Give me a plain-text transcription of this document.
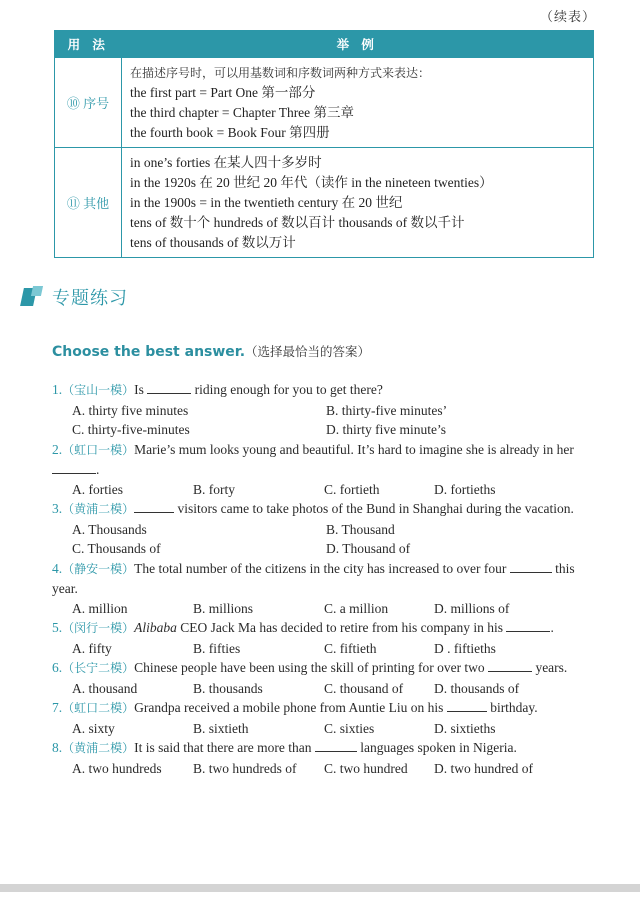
（续表）
用 法	举 例
⑩ 序号	在描述序号时，可以用基数词和序数词两种方式来表达：
the first part = Part One 第一部分
the third chapter = Chapter Three 第三章
the fourth book = Book Four 第四册

⑪ 其他	in one’s forties 在某人四十多岁时
in the 1920s 在 20 世纪 20 年代（读作 in the nineteen twenties）
in the 1900s = in the twentieth century 在 20 世纪
tens of 数十个 hundreds of 数以百计 thousands of 数以千计
tens of thousands of 数以万计
专题练习
Choose the best answer.（选择最恰当的答案）
1.（宝山一模）Is	riding enough for you to get there?
A. thirty five minutes	B. thirty-five minutes’
C. thirty-five-minutes	D. thirty five minute’s
2.（虹口一模）Marie’s mum looks young and beautiful. It’s hard to imagine she is already in her .
A. forties	B. forty	C. fortieth	D. fortieths
3.（黄浦二模）	visitors came to take photos of the Bund in Shanghai during the vacation.
A. Thousands	B. Thousand
C. Thousands of	D. Thousand of
4.（静安一模）The total number of the citizens in the city has increased to over four	this year.
A. million	B. millions	C. a million	D. millions of
5.（闵行一模）Alibaba CEO Jack Ma has decided to retire from his company in his	.
A. fifty	B. fifties	C. fiftieth	D . fiftieths
6.（长宁二模）Chinese people have been using the skill of printing for over two	years.
A. thousand	B. thousands	C. thousand of	D. thousands of
7.（虹口二模）Grandpa received a mobile phone from Auntie Liu on his	birthday.
A. sixty	B. sixtieth	C. sixties	D. sixtieths
8.（黄浦二模）It is said that there are more than	languages spoken in Nigeria.
A. two hundreds	B. two hundreds of	C. two hundred	D. two hundred of
